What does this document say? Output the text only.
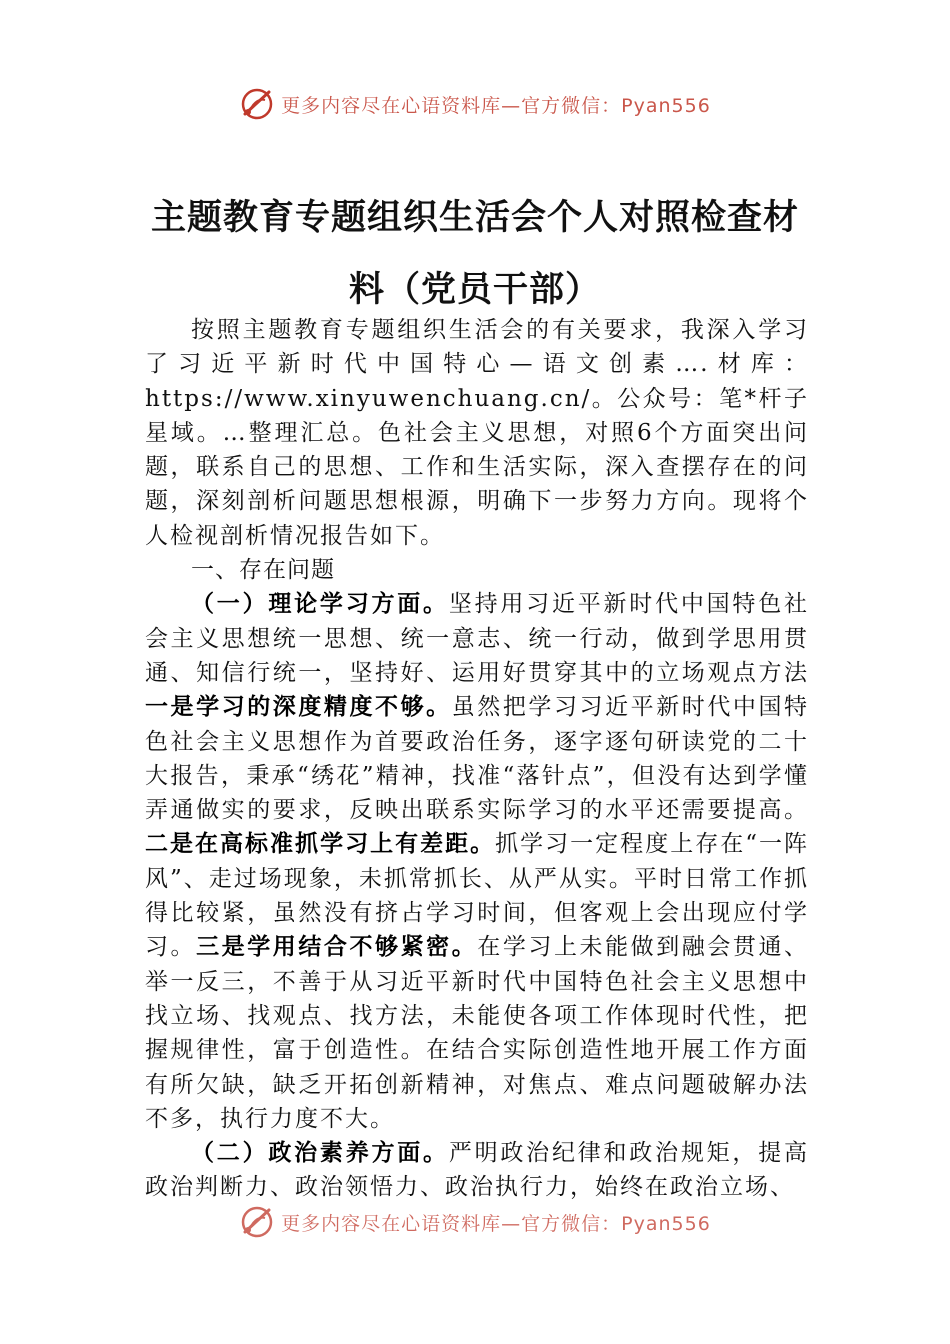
更多内容尽在心语资料库—官方微信：Pyan556
主题教育专题组织生活会个人对照检查材
料（党员干部）

按照主题教育专题组织生活会的有关要求，我深入学习了习近平新时代中国特心—语文创素….材库：https://www.xinyuwenchuang.cn/。公众号：笔*杆子星域。…整理汇总。色社会主义思想，对照6个方面突出问题，联系自己的思想、工作和生活实际，深入查摆存在的问题，深刻剖析问题思想根源，明确下一步努力方向。现将个人检视剖析情况报告如下。

一、存在问题

（一）理论学习方面。坚持用习近平新时代中国特色社会主义思想统一思想、统一意志、统一行动，做到学思用贯通、知信行统一，坚持好、运用好贯穿其中的立场观点方法一是学习的深度精度不够。虽然把学习习近平新时代中国特色社会主义思想作为首要政治任务，逐字逐句研读党的二十大报告，秉承“绣花”精神，找准“落针点”，但没有达到学懂弄通做实的要求，反映出联系实际学习的水平还需要提高。二是在高标准抓学习上有差距。抓学习一定程度上存在“一阵风”、走过场现象，未抓常抓长、从严从实。平时日常工作抓得比较紧，虽然没有挤占学习时间，但客观上会出现应付学习。三是学用结合不够紧密。在学习上未能做到融会贯通、举一反三，不善于从习近平新时代中国特色社会主义思想中找立场、找观点、找方法，未能使各项工作体现时代性，把握规律性，富于创造性。在结合实际创造性地开展工作方面有所欠缺，缺乏开拓创新精神，对焦点、难点问题破解办法不多，执行力度不大。

（二）政治素养方面。严明政治纪律和政治规矩，提高政治判断力、政治领悟力、政治执行力，始终在政治立场、

更多内容尽在心语资料库—官方微信：Pyan556
